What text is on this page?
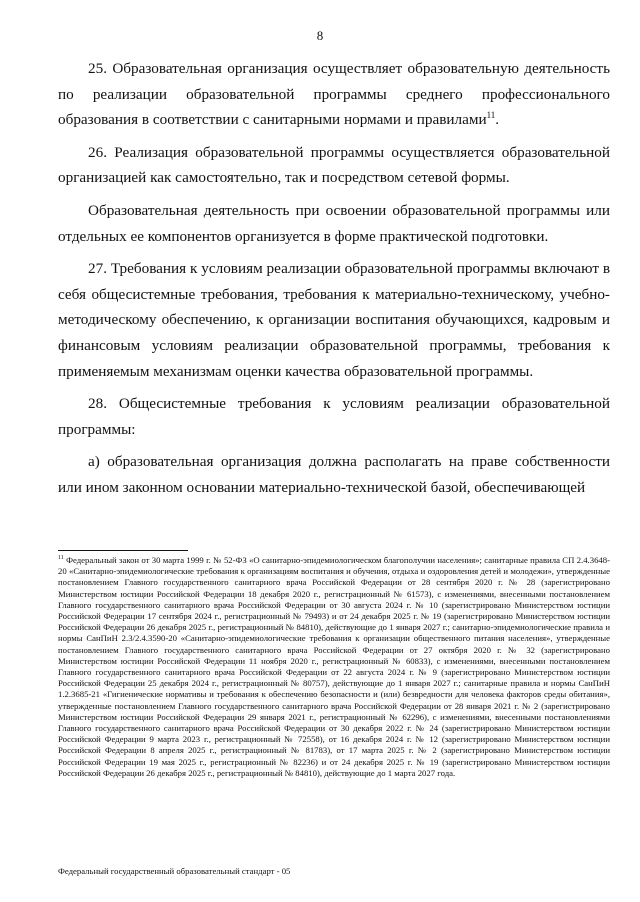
8

25. Образовательная организация осуществляет образовательную деятельность по реализации образовательной программы среднего профессионального образования в соответствии с санитарными нормами и правилами$^{11}$.

26. Реализация образовательной программы осуществляется образовательной организацией как самостоятельно, так и посредством сетевой формы.

Образовательная деятельность при освоении образовательной программы или отдельных ее компонентов организуется в форме практической подготовки.

27. Требования к условиям реализации образовательной программы включают в себя общесистемные требования, требования к материально-техническому, учебно-методическому обеспечению, к организации воспитания обучающихся, кадровым и финансовым условиям реализации образовательной программы, требования к применяемым механизмам оценки качества образовательной программы.

28. Общесистемные требования к условиям реализации образовательной программы:

а) образовательная организация должна располагать на праве собственности или ином законном основании материально-технической базой, обеспечивающей

$^{11}$ Федеральный закон от 30 марта 1999 г. № 52-ФЗ «О санитарно-эпидемиологическом благополучии населения»; санитарные правила СП 2.4.3648-20 «Санитарно-эпидемиологические требования к организациям воспитания и обучения, отдыха и оздоровления детей и молодежи», утвержденные постановлением Главного государственного санитарного врача Российской Федерации от 28 сентября 2020 г. № 28 (зарегистрировано Министерством юстиции Российской Федерации 18 декабря 2020 г., регистрационный № 61573), с изменениями, внесенными постановлением Главного государственного санитарного врача Российской Федерации от 30 августа 2024 г. № 10 (зарегистрировано Министерством юстиции Российской Федерации 17 сентября 2024 г., регистрационный № 79493) и от 24 декабря 2025 г. № 19 (зарегистрировано Министерством юстиции Российской Федерации 26 декабря 2025 г., регистрационный № 84810), действующие до 1 января 2027 г.; санитарно-эпидемиологические правила и нормы СанПиН 2.3/2.4.3590-20 «Санитарно-эпидемиологические требования к организации общественного питания населения», утвержденные постановлением Главного государственного санитарного врача Российской Федерации от 27 октября 2020 г. № 32 (зарегистрировано Министерством юстиции Российской Федерации 11 ноября 2020 г., регистрационный № 60833), с изменениями, внесенными постановлением Главного государственного санитарного врача Российской Федерации от 22 августа 2024 г. № 9 (зарегистрировано Министерством юстиции Российской Федерации 25 декабря 2024 г., регистрационный № 80757), действующие до 1 января 2027 г.; санитарные правила и нормы СанПиН 1.2.3685-21 «Гигиенические нормативы и требования к обеспечению безопасности и (или) безвредности для человека факторов среды обитания», утвержденные постановлением Главного государственного санитарного врача Российской Федерации от 28 января 2021 г. № 2 (зарегистрировано Министерством юстиции Российской Федерации 29 января 2021 г., регистрационный № 62296), с изменениями, внесенными постановлениями Главного государственного санитарного врача Российской Федерации от 30 декабря 2022 г. № 24 (зарегистрировано Министерством юстиции Российской Федерации 9 марта 2023 г., регистрационный № 72558), от 16 декабря 2024 г. № 12 (зарегистрировано Министерством юстиции Российской Федерации 8 апреля 2025 г., регистрационный № 81783), от 17 марта 2025 г. № 2 (зарегистрировано Министерством юстиции Российской Федерации 19 мая 2025 г., регистрационный № 82236) и от 24 декабря 2025 г. № 19 (зарегистрировано Министерством юстиции Российской Федерации 26 декабря 2025 г., регистрационный № 84810), действующие до 1 марта 2027 года.

Федеральный государственный образовательный стандарт - 05
